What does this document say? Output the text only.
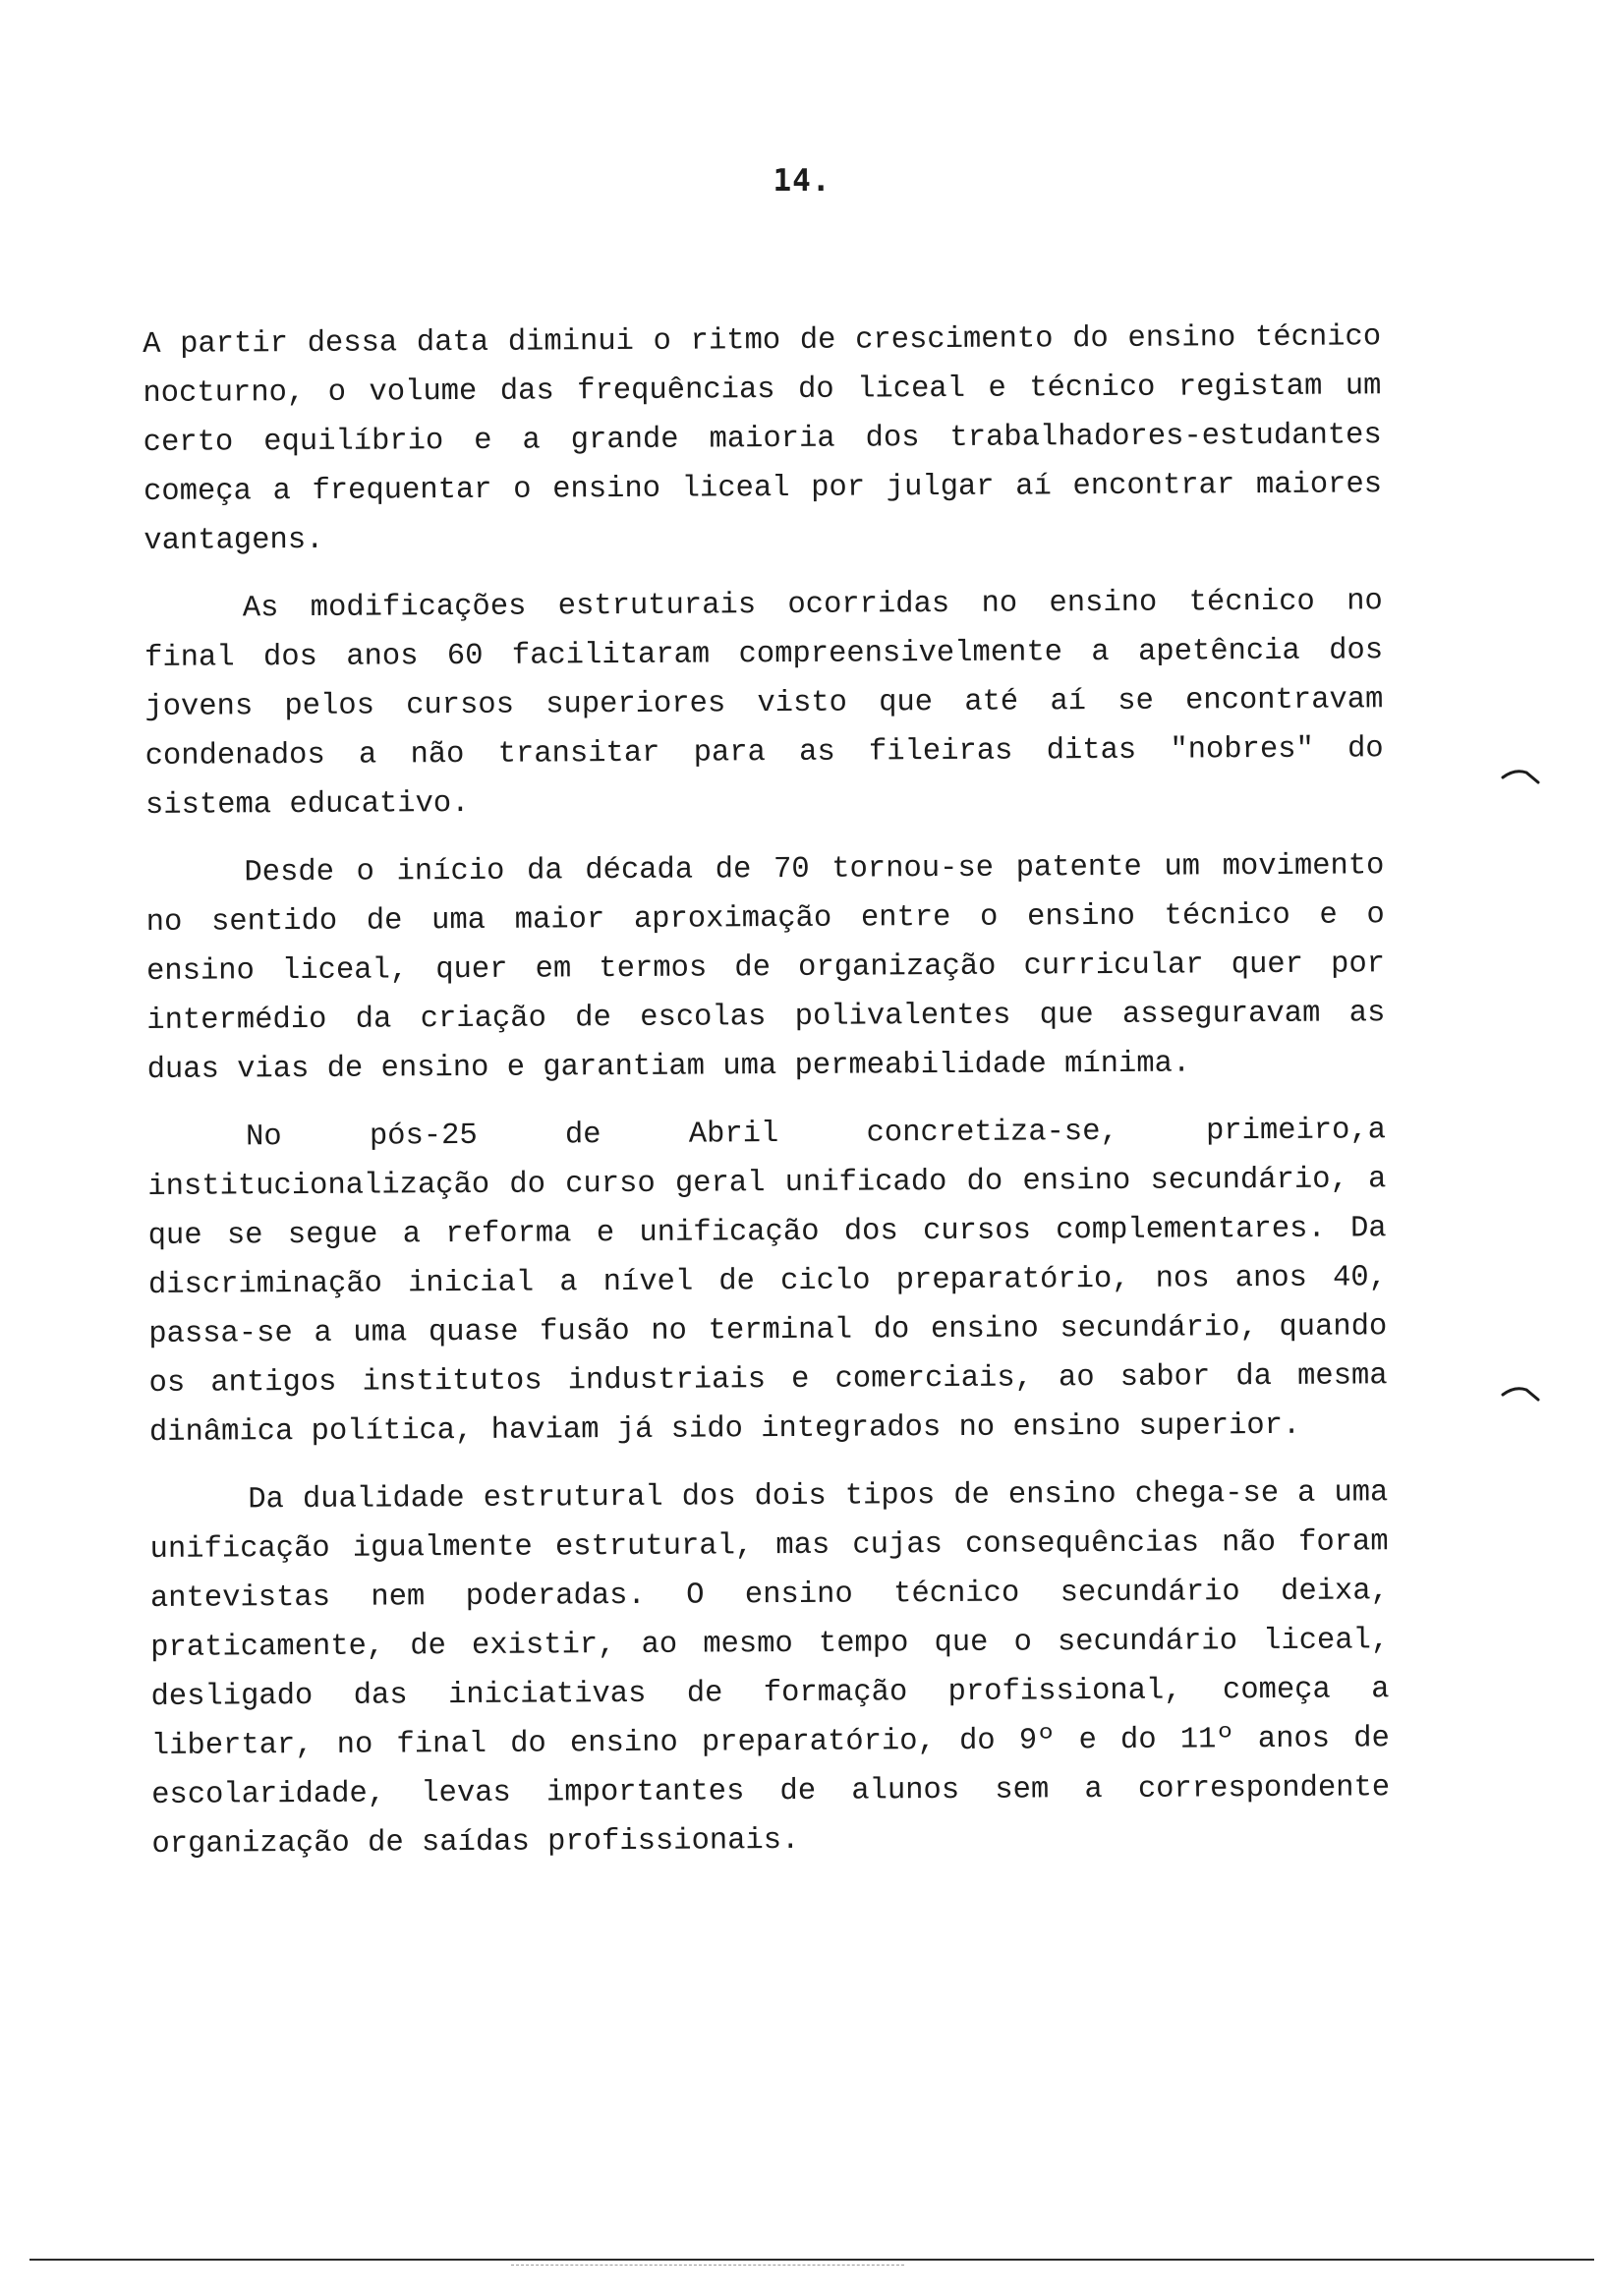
14.

A partir dessa data diminui o ritmo de crescimento do ensino técnico nocturno, o volume das frequências do liceal e técnico registam um certo equilíbrio e a grande maioria dos trabalhadores-estudantes começa a frequentar o ensino liceal por julgar aí encontrar maiores vantagens.

As modificações estruturais ocorridas no ensino técnico no final dos anos 60 facilitaram compreensivelmente a apetência dos jovens pelos cursos superiores visto que até aí se encontravam condenados a não transitar para as fileiras ditas "nobres" do sistema educativo.

Desde o início da década de 70 tornou-se patente um movimento no sentido de uma maior aproximação entre o ensino técnico e o ensino liceal, quer em termos de organização curricular quer por intermédio da criação de escolas polivalentes que asseguravam as duas vias de ensino e garantiam uma permeabilidade mínima.

No pós-25 de Abril concretiza-se, primeiro,a institucionalização do curso geral unificado do ensino secundário, a que se segue a reforma e unificação dos cursos complementares. Da discriminação inicial a nível de ciclo preparatório, nos anos 40, passa-se a uma quase fusão no terminal do ensino secundário, quando os antigos institutos industriais e comerciais, ao sabor da mesma dinâmica política, haviam já sido integrados no ensino superior.

Da dualidade estrutural dos dois tipos de ensino chega-se a uma unificação igualmente estrutural, mas cujas consequências não foram antevistas nem poderadas. O ensino técnico secundário deixa, praticamente, de existir, ao mesmo tempo que o secundário liceal, desligado das iniciativas de formação profissional, começa a libertar, no final do ensino preparatório, do 9º e do 11º anos de escolaridade, levas importantes de alunos sem a correspondente organização de saídas profissionais.
